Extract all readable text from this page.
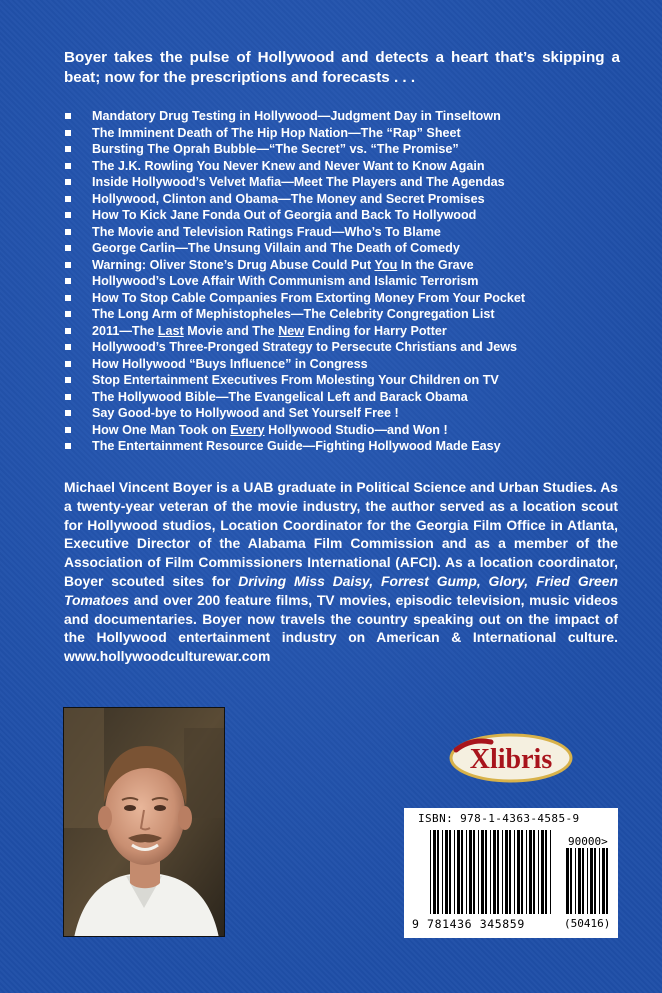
Boyer takes the pulse of Hollywood and detects a heart that’s skipping a beat; now for the prescriptions and forecasts . . .

Mandatory Drug Testing in Hollywood—Judgment Day in Tinseltown
The Imminent Death of The Hip Hop Nation—The “Rap” Sheet
Bursting The Oprah Bubble—“The Secret” vs. “The Promise”
The J.K. Rowling You Never Knew and Never Want to Know Again
Inside Hollywood’s Velvet Mafia—Meet The Players and The Agendas
Hollywood, Clinton and Obama—The Money and Secret Promises
How To Kick Jane Fonda Out of Georgia and Back To Hollywood
The Movie and Television Ratings Fraud—Who’s To Blame
George Carlin—The Unsung Villain and The Death of Comedy
Warning: Oliver Stone’s Drug Abuse Could Put You In the Grave
Hollywood’s Love Affair With Communism and Islamic Terrorism
How To Stop Cable Companies From Extorting Money From Your Pocket
The Long Arm of Mephistopheles—The Celebrity Congregation List
2011—The Last Movie and The New Ending for Harry Potter
Hollywood’s Three-Pronged Strategy to Persecute Christians and Jews
How Hollywood “Buys Influence” in Congress
Stop Entertainment Executives From Molesting Your Children on TV
The Hollywood Bible—The Evangelical Left and Barack Obama
Say Good-bye to Hollywood and Set Yourself Free !
How One Man Took on Every Hollywood Studio—and Won !
The Entertainment Resource Guide—Fighting Hollywood Made Easy

Michael Vincent Boyer is a UAB graduate in Political Science and Urban Studies. As a twenty-year veteran of the movie industry, the author served as a location scout for Hollywood studios, Location Coordinator for the Georgia Film Office in Atlanta, Executive Director of the Alabama Film Commission and as a member of the Association of Film Commissioners International (AFCI). As a location coordinator, Boyer scouted sites for Driving Miss Daisy, Forrest Gump, Glory, Fried Green Tomatoes and over 200 feature films, TV movies, episodic television, music videos and documentaries. Boyer now travels the country speaking out on the impact of the Hollywood entertainment industry on American & International culture. www.hollywoodculturewar.com

Xlibris
ISBN: 978-1-4363-4585-9
90000>
9 781436 345859	(50416)
